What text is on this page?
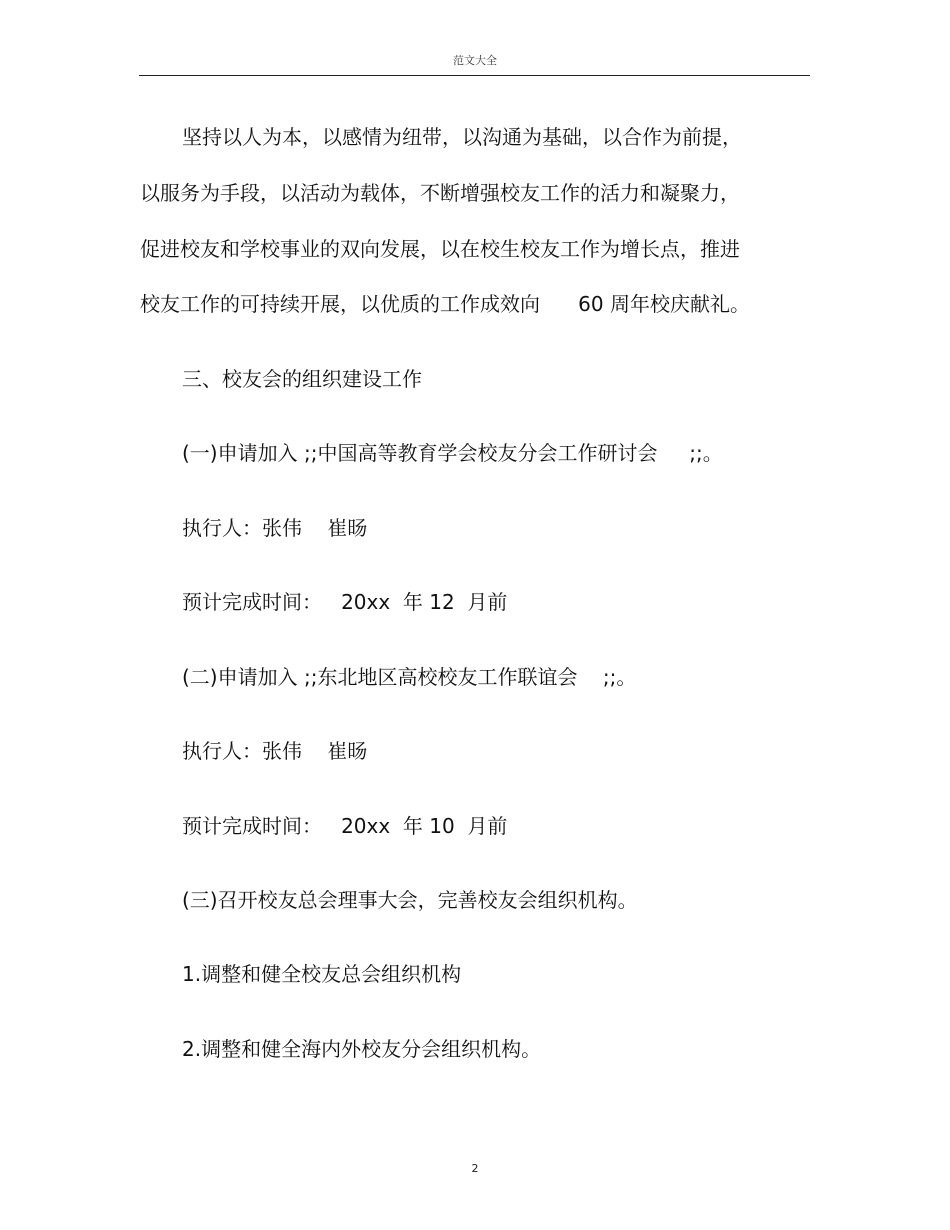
范文大全
坚持以人为本，以感情为纽带，以沟通为基础，以合作为前提，
以服务为手段，以活动为载体，不断增强校友工作的活力和凝聚力，
促进校友和学校事业的双向发展，以在校生校友工作为增长点，推进
校友工作的可持续开展，以优质的工作成效向      60 周年校庆献礼。
三、校友会的组织建设工作
(一)申请加入 ;;中国高等教育学会校友分会工作研讨会     ;;。
执行人：张伟    崔旸
预计完成时间：   20xx  年 12  月前
(二)申请加入 ;;东北地区高校校友工作联谊会    ;;。
执行人：张伟    崔旸
预计完成时间：   20xx  年 10  月前
(三)召开校友总会理事大会，完善校友会组织机构。
1.调整和健全校友总会组织机构
2.调整和健全海内外校友分会组织机构。
2
